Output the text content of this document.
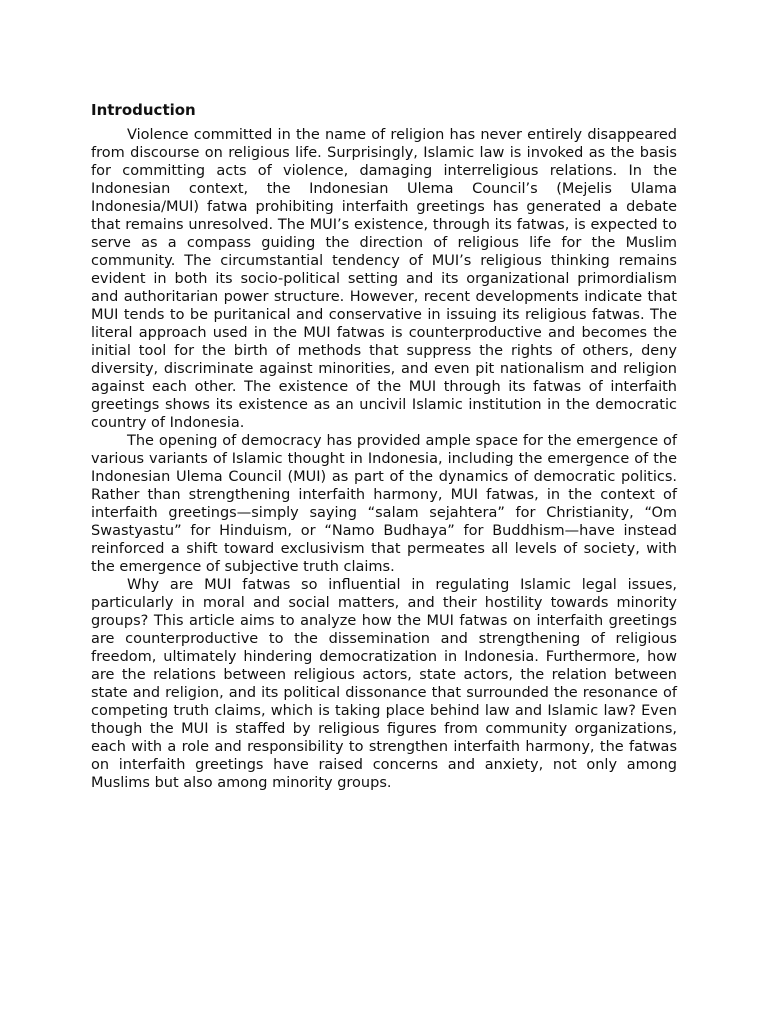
Introduction

Violence committed in the name of religion has never entirely disappeared from discourse on religious life. Surprisingly, Islamic law is invoked as the basis for committing acts of violence, damaging interreligious relations. In the Indonesian context, the Indonesian Ulema Council’s (Mejelis Ulama Indonesia/MUI) fatwa prohibiting interfaith greetings has generated a debate that remains unresolved. The MUI’s existence, through its fatwas, is expected to serve as a compass guiding the direction of religious life for the Muslim community. The circumstantial tendency of MUI’s religious thinking remains evident in both its socio-political setting and its organizational primordialism and authoritarian power structure. However, recent developments indicate that MUI tends to be puritanical and conservative in issuing its religious fatwas. The literal approach used in the MUI fatwas is counterproductive and becomes the initial tool for the birth of methods that suppress the rights of others, deny diversity, discriminate against minorities, and even pit nationalism and religion against each other. The existence of the MUI through its fatwas of interfaith greetings shows its existence as an uncivil Islamic institution in the democratic country of Indonesia.

The opening of democracy has provided ample space for the emergence of various variants of Islamic thought in Indonesia, including the emergence of the Indonesian Ulema Council (MUI) as part of the dynamics of democratic politics. Rather than strengthening interfaith harmony, MUI fatwas, in the context of interfaith greetings—simply saying “salam sejahtera” for Christianity, “Om Swastyastu” for Hinduism, or “Namo Budhaya” for Buddhism—have instead reinforced a shift toward exclusivism that permeates all levels of society, with the emergence of subjective truth claims.

Why are MUI fatwas so influential in regulating Islamic legal issues, particularly in moral and social matters, and their hostility towards minority groups? This article aims to analyze how the MUI fatwas on interfaith greetings are counterproductive to the dissemination and strengthening of religious freedom, ultimately hindering democratization in Indonesia. Furthermore, how are the relations between religious actors, state actors, the relation between state and religion, and its political dissonance that surrounded the resonance of competing truth claims, which is taking place behind law and Islamic law? Even though the MUI is staffed by religious figures from community organizations, each with a role and responsibility to strengthen interfaith harmony, the fatwas on interfaith greetings have raised concerns and anxiety, not only among Muslims but also among minority groups.
